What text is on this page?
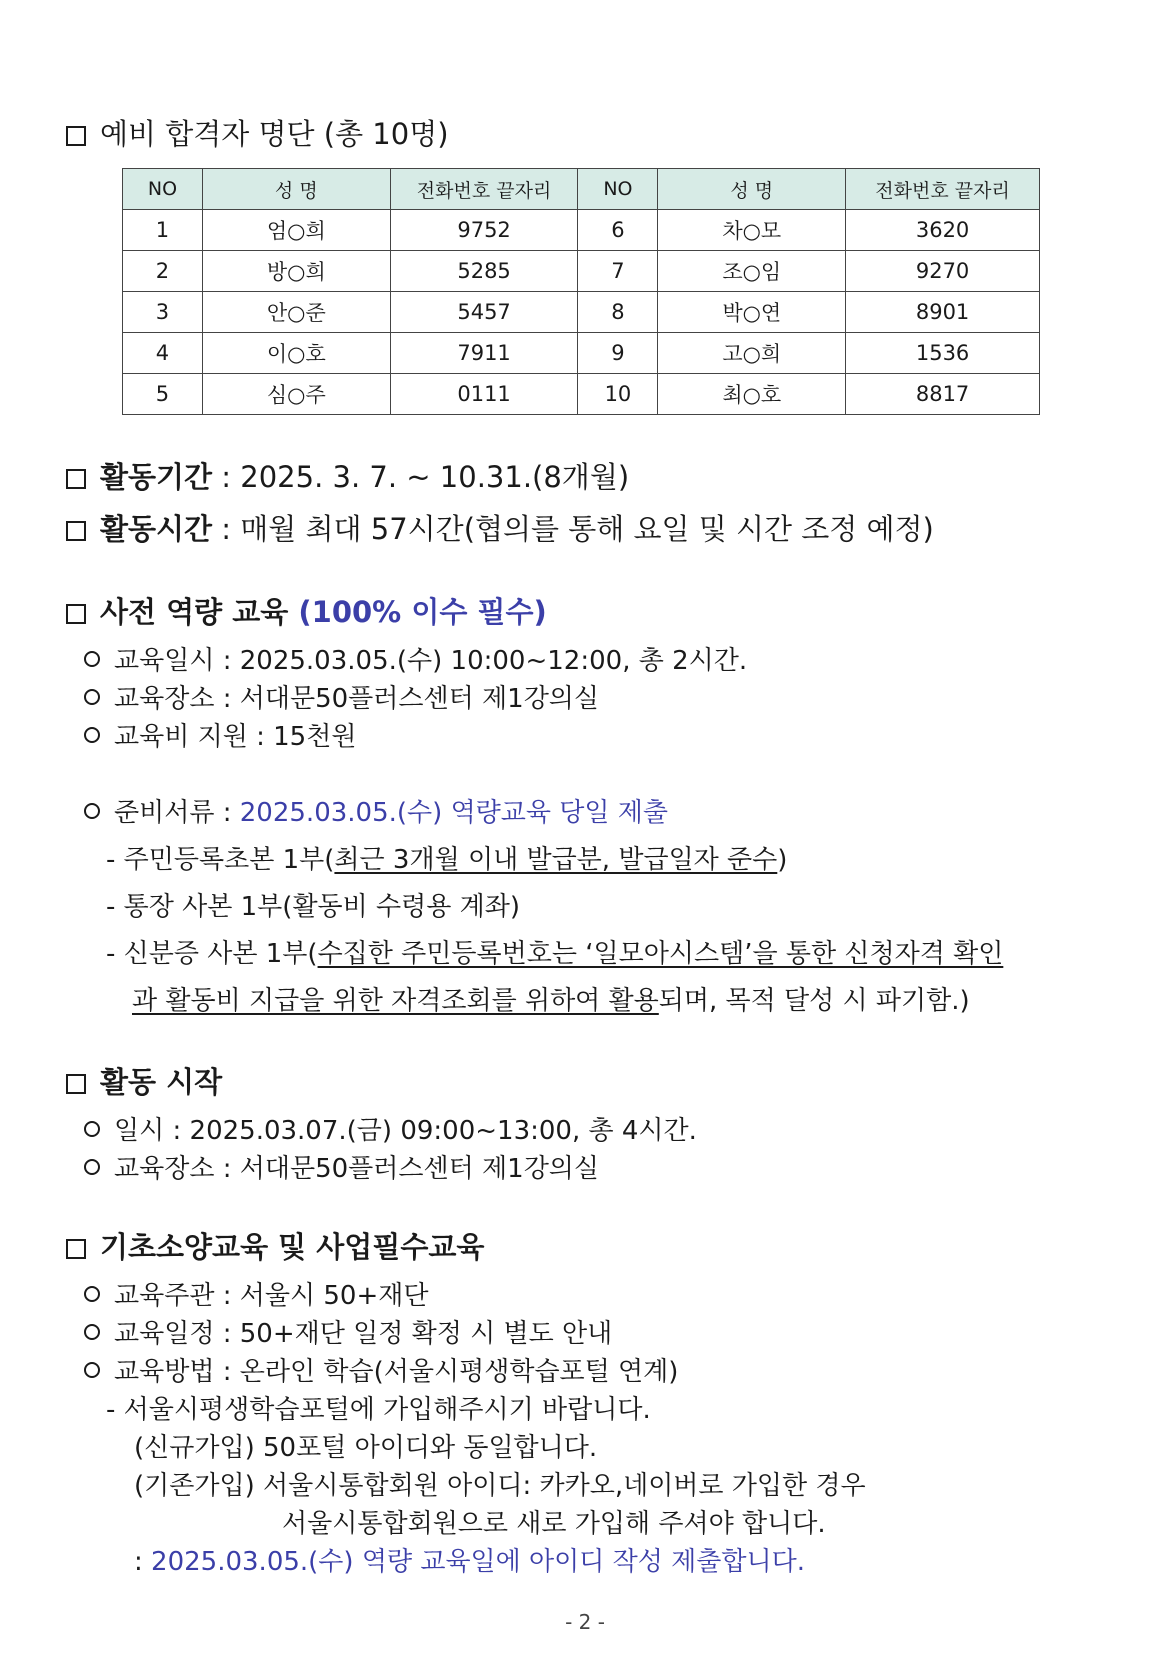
예비 합격자 명단 (총 10명)
NO	성 명	전화번호 끝자리	NO	성 명	전화번호 끝자리
1	엄○희	9752	6	차○모	3620
2	방○희	5285	7	조○임	9270
3	안○준	5457	8	박○연	8901
4	이○호	7911	9	고○희	1536
5	심○주	0111	10	최○호	8817
활동기간 : 2025. 3. 7. ~ 10.31.(8개월)
활동시간 : 매월 최대 57시간(협의를 통해 요일 및 시간 조정 예정)
사전 역량 교육 (100% 이수 필수)
교육일시 : 2025.03.05.(수) 10:00~12:00, 총 2시간.
교육장소 : 서대문50플러스센터 제1강의실
교육비 지원 : 15천원
준비서류 : 2025.03.05.(수) 역량교육 당일 제출
- 주민등록초본 1부(최근 3개월 이내 발급분, 발급일자 준수)
- 통장 사본 1부(활동비 수령용 계좌)
- 신분증 사본 1부(수집한 주민등록번호는 ‘일모아시스템’을 통한 신청자격 확인
과 활동비 지급을 위한 자격조회를 위하여 활용되며, 목적 달성 시 파기함.)
활동 시작
일시 : 2025.03.07.(금) 09:00~13:00, 총 4시간.
교육장소 : 서대문50플러스센터 제1강의실
기초소양교육 및 사업필수교육
교육주관 : 서울시 50+재단
교육일정 : 50+재단 일정 확정 시 별도 안내
교육방법 : 온라인 학습(서울시평생학습포털 연계)
- 서울시평생학습포털에 가입해주시기 바랍니다.
(신규가입) 50포털 아이디와 동일합니다.
(기존가입) 서울시통합회원 아이디: 카카오,네이버로 가입한 경우
서울시통합회원으로 새로 가입해 주셔야 합니다.
: 2025.03.05.(수) 역량 교육일에 아이디 작성 제출합니다.
- 2 -
